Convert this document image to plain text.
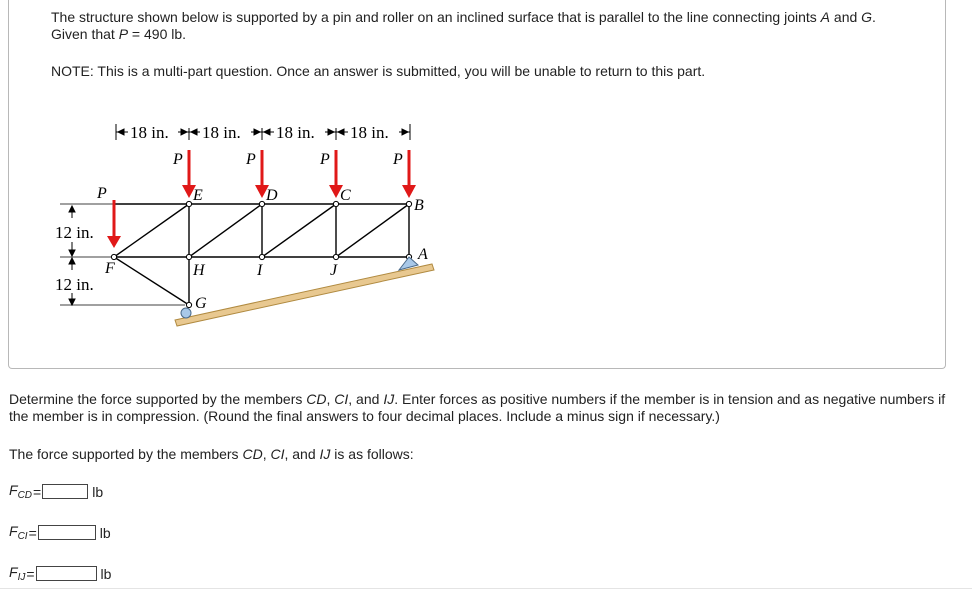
The structure shown below is supported by a pin and roller on an inclined surface that is parallel to the line connecting joints A and G. Given that P = 490 lb.
NOTE: This is a multi-part question. Once an answer is submitted, you will be unable to return to this part.
18 in. 18 in. 18 in. 18 in.
12 in.
12 in.
P
P	P	P	P
E	D	C
B
A
F	H	I	J
G
Determine the force supported by the members CD, CI, and IJ. Enter forces as positive numbers if the member is in tension and as negative numbers if the member is in compression. (Round the final answers to four decimal places. Include a minus sign if necessary.)
The force supported by the members CD, CI, and IJ is as follows:
$F_{CD}$ =	lb
$F_{CI}$ =	lb
$F_{IJ}$ =	lb
